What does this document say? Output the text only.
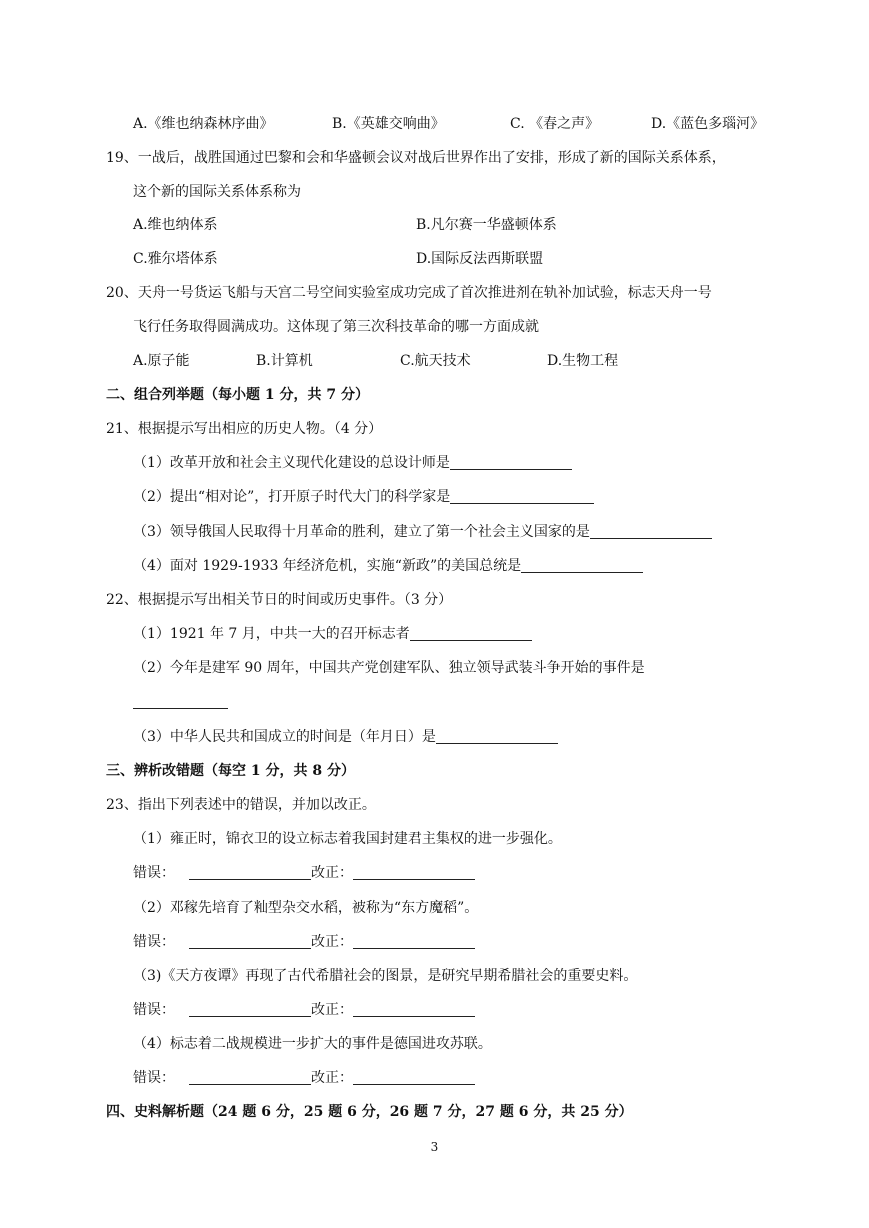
A.《维也纳森林序曲》	B.《英雄交响曲》	C. 《春之声》	D.《蓝色多瑙河》
19、一战后，战胜国通过巴黎和会和华盛顿会议对战后世界作出了安排，形成了新的国际关系体系，
这个新的国际关系体系称为
A.维也纳体系	B.凡尔赛一华盛顿体系
C.雅尔塔体系	D.国际反法西斯联盟
20、天舟一号货运飞船与天宫二号空间实验室成功完成了首次推进剂在轨补加试验，标志天舟一号
飞行任务取得圆满成功。这体现了第三次科技革命的哪一方面成就
A.原子能	B.计算机	C.航天技术	D.生物工程
二、组合列举题（每小题 1 分，共 7 分）
21、根据提示写出相应的历史人物。（4 分）
（1）改革开放和社会主义现代化建设的总设计师是
（2）提出“相对论”，打开原子时代大门的科学家是
（3）领导俄国人民取得十月革命的胜利，建立了第一个社会主义国家的是
（4）面对 1929-1933 年经济危机，实施“新政”的美国总统是
22、根据提示写出相关节日的时间或历史事件。（3 分）
（1）1921 年 7 月，中共一大的召开标志者
（2）今年是建军 90 周年，中国共产党创建军队、独立领导武装斗争开始的事件是
（3）中华人民共和国成立的时间是（年月日）是
三、辨析改错题（每空 1 分，共 8 分）
23、指出下列表述中的错误，并加以改正。
（1）雍正时，锦衣卫的设立标志着我国封建君主集权的进一步强化。
错误：	改正：
（2）邓稼先培育了籼型杂交水稻，被称为“东方魔稻”。
错误：	改正：
（3)《天方夜谭》再现了古代希腊社会的图景，是研究早期希腊社会的重要史料。
错误：	改正：
（4）标志着二战规模进一步扩大的事件是德国进攻苏联。
错误：	改正：
四、史料解析题（24 题 6 分，25 题 6 分，26 题 7 分，27 题 6 分，共 25 分）
3
